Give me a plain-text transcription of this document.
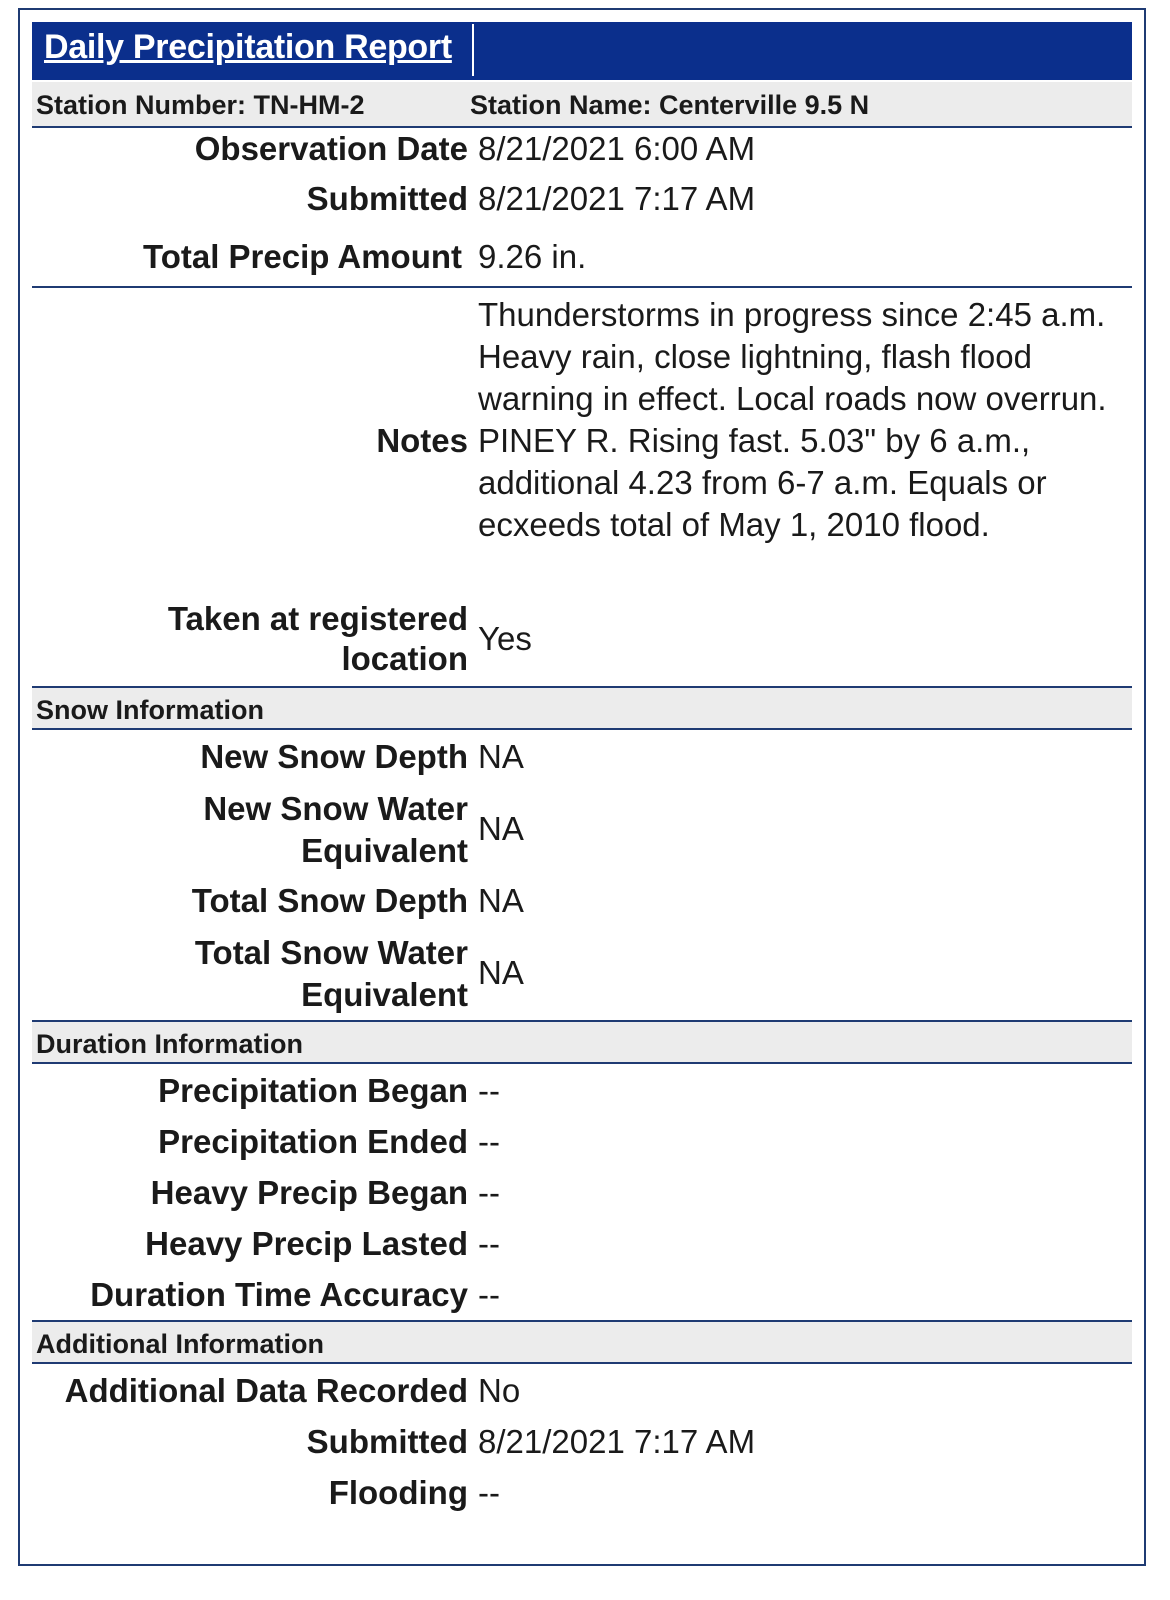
Daily Precipitation Report
Station Number: TN-HM-2	Station Name: Centerville 9.5 N
Observation Date 8/21/2021 6:00 AM
Submitted 8/21/2021 7:17 AM
Total Precip Amount 9.26 in.
Notes
Thunderstorms in progress since 2:45 a.m. Heavy rain, close lightning, flash flood warning in effect. Local roads now overrun. PINEY R. Rising fast. 5.03" by 6 a.m., additional 4.23 from 6-7 a.m. Equals or ecxeeds total of May 1, 2010 flood.
Taken at registered
location
Yes
Snow Information
New Snow Depth NA
New Snow Water
Equivalent
NA
Total Snow Depth NA
Total Snow Water
Equivalent
NA
Duration Information
Precipitation Began --
Precipitation Ended --
Heavy Precip Began --
Heavy Precip Lasted --
Duration Time Accuracy --
Additional Information
Additional Data Recorded No
Submitted 8/21/2021 7:17 AM
Flooding --
